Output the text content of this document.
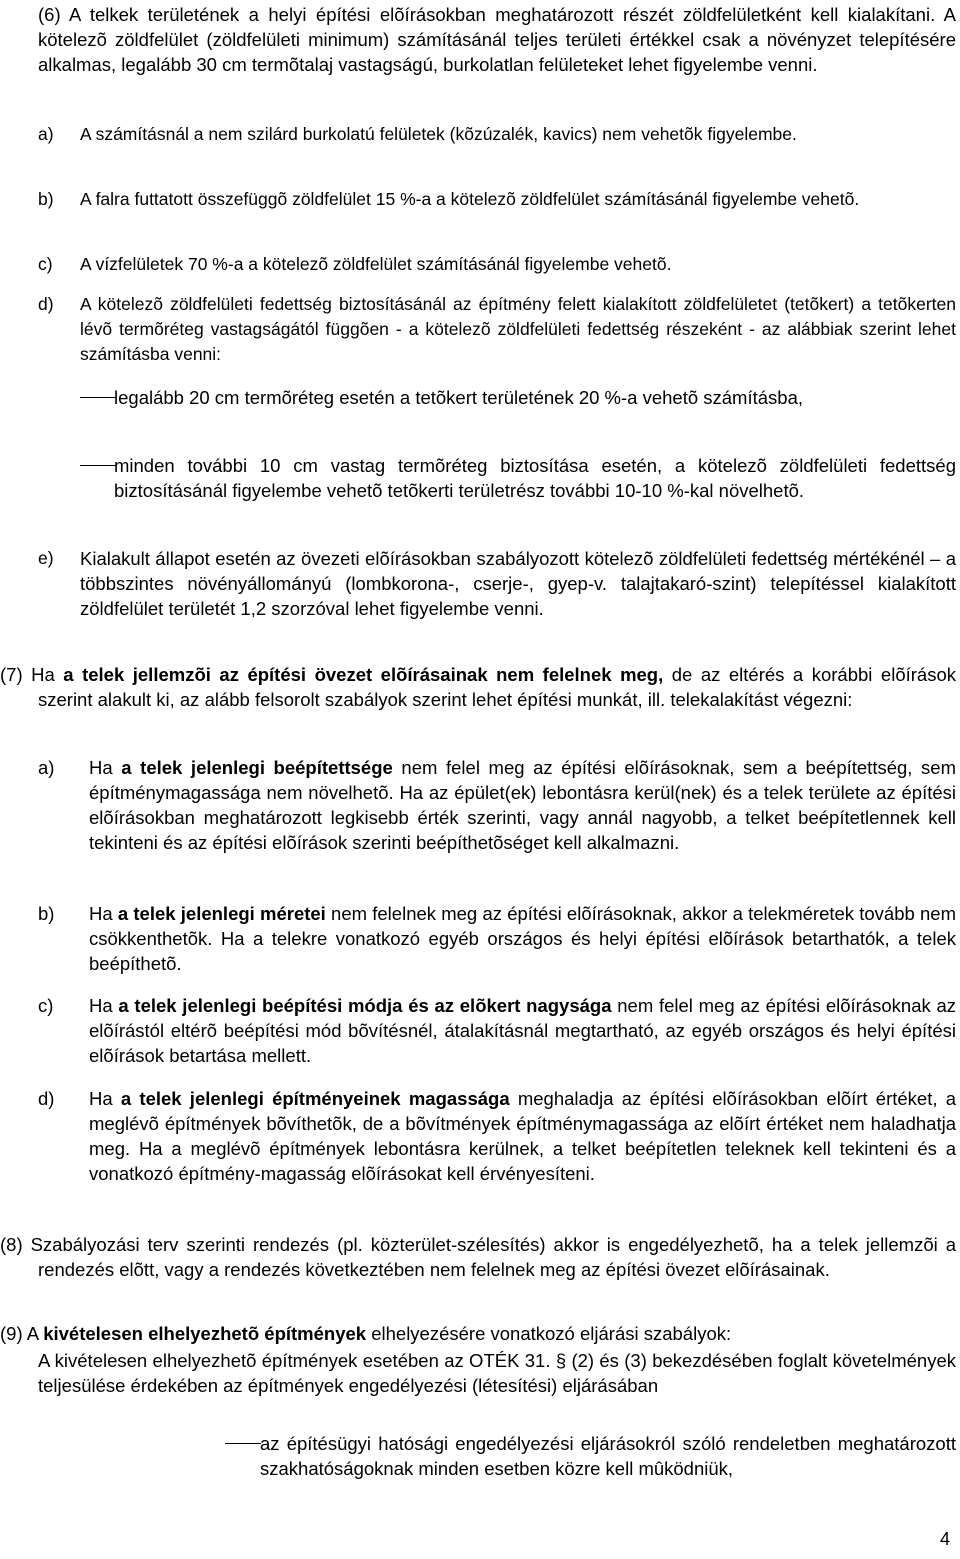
(6) A telkek területének a helyi építési elõírásokban meghatározott részét zöldfelületként kell kialakítani. A kötelezõ zöldfelület (zöldfelületi minimum) számításánál teljes területi értékkel csak a növényzet telepítésére alkalmas, legalább 30 cm termõtalaj vastagságú, burkolatlan felületeket lehet figyelembe venni.

a) A számításnál a nem szilárd burkolatú felületek (kõzúzalék, kavics) nem vehetõk figyelembe.

b) A falra futtatott összefüggõ zöldfelület 15 %-a a kötelezõ zöldfelület számításánál figyelembe vehetõ.

c) A vízfelületek 70 %-a a kötelezõ zöldfelület számításánál figyelembe vehetõ.

d) A kötelezõ zöldfelületi fedettség biztosításánál az építmény felett kialakított zöldfelületet (tetõkert) a tetõkerten lévõ termõréteg vastagságától függõen - a kötelezõ zöldfelületi fedettség részeként - az alábbiak szerint lehet számításba venni:

legalább 20 cm termõréteg esetén a tetõkert területének 20 %-a vehetõ számításba,

minden további 10 cm vastag termõréteg biztosítása esetén, a kötelezõ zöldfelületi fedettség biztosításánál figyelembe vehetõ tetõkerti területrész további 10-10 %-kal növelhetõ.

e) Kialakult állapot esetén az övezeti elõírásokban szabályozott kötelezõ zöldfelületi fedettség mértékénél – a többszintes növényállományú (lombkorona-, cserje-, gyep-v. talajtakaró-szint) telepítéssel kialakított zöldfelület területét 1,2 szorzóval lehet figyelembe venni.

(7) Ha a telek jellemzõi az építési övezet elõírásainak nem felelnek meg, de az eltérés a korábbi elõírások szerint alakult ki, az alább felsorolt szabályok szerint lehet építési munkát, ill. telekalakítást végezni:

a) Ha a telek jelenlegi beépítettsége nem felel meg az építési elõírásoknak, sem a beépítettség, sem építménymagassága nem növelhetõ. Ha az épület(ek) lebontásra kerül(nek) és a telek területe az építési elõírásokban meghatározott legkisebb érték szerinti, vagy annál nagyobb, a telket beépítetlennek kell tekinteni és az építési elõírások szerinti beépíthetõséget kell alkalmazni.

b) Ha a telek jelenlegi méretei nem felelnek meg az építési elõírásoknak, akkor a telekméretek tovább nem csökkenthetõk. Ha a telekre vonatkozó egyéb országos és helyi építési elõírások betarthatók, a telek beépíthetõ.

c) Ha a telek jelenlegi beépítési módja és az elõkert nagysága nem felel meg az építési elõírásoknak az elõírástól eltérõ beépítési mód bõvítésnél, átalakításnál megtartható, az egyéb országos és helyi építési elõírások betartása mellett.

d) Ha a telek jelenlegi építményeinek magassága meghaladja az építési elõírásokban elõírt értéket, a meglévõ építmények bõvíthetõk, de a bõvítmények építménymagassága az elõírt értéket nem haladhatja meg. Ha a meglévõ építmények lebontásra kerülnek, a telket beépítetlen teleknek kell tekinteni és a vonatkozó építmény-magasság elõírásokat kell érvényesíteni.

(8) Szabályozási terv szerinti rendezés (pl. közterület-szélesítés) akkor is engedélyezhetõ, ha a telek jellemzõi a rendezés elõtt, vagy a rendezés következtében nem felelnek meg az építési övezet elõírásainak.

(9) A kivételesen elhelyezhetõ építmények elhelyezésére vonatkozó eljárási szabályok:

A kivételesen elhelyezhetõ építmények esetében az OTÉK 31. § (2) és (3) bekezdésében foglalt követelmények teljesülése érdekében az építmények engedélyezési (létesítési) eljárásában

az építésügyi hatósági engedélyezési eljárásokról szóló rendeletben meghatározott szakhatóságoknak minden esetben közre kell mûködniük,

4
